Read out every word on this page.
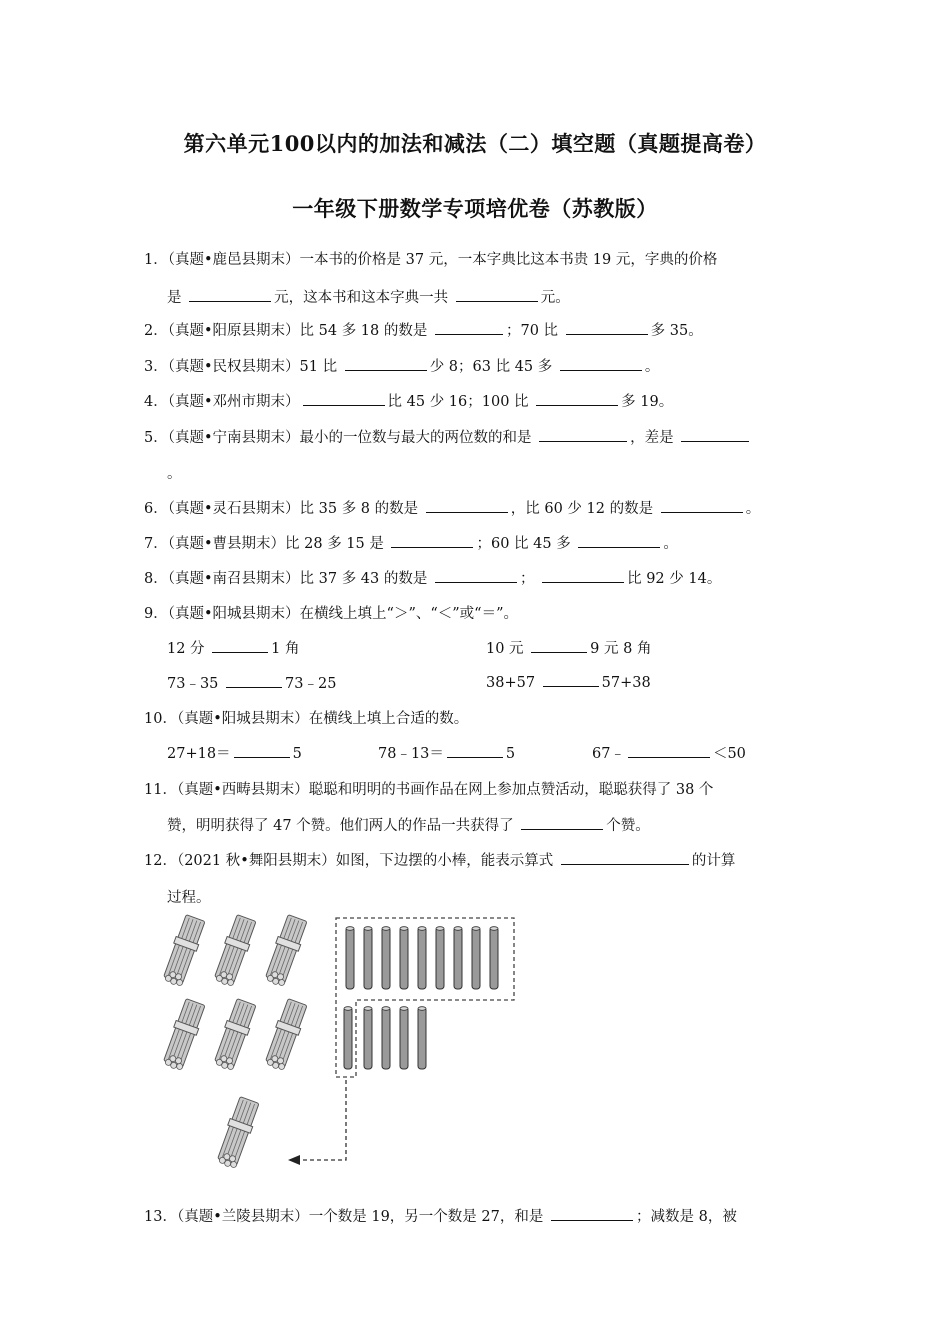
第六单元100以内的加法和减法（二）填空题（真题提高卷）
一年级下册数学专项培优卷（苏教版）
1．（真题•鹿邑县期末）一本书的价格是 37 元，一本字典比这本书贵 19 元，字典的价格
是	元，这本书和这本字典一共	元。
2．（真题•阳原县期末）比 54 多 18 的数是	；70 比	多 35。
3．（真题•民权县期末）51 比	少 8；63 比 45 多	。
4．（真题•邓州市期末）	比 45 少 16；100 比	多 19。
5．（真题•宁南县期末）最小的一位数与最大的两位数的和是	，差是
。
6．（真题•灵石县期末）比 35 多 8 的数是	，比 60 少 12 的数是	。
7．（真题•曹县期末）比 28 多 15 是	；60 比 45 多	。
8．（真题•南召县期末）比 37 多 43 的数是	；	比 92 少 14。
9．（真题•阳城县期末）在横线上填上“＞”、“＜”或“＝”。
12 分	1 角	10 元	9 元 8 角
73﹣35	73﹣25	38+57	57+38
10．（真题•阳城县期末）在横线上填上合适的数。
27+18＝	5	78﹣13＝	5	67﹣	＜50
11．（真题•西畴县期末）聪聪和明明的书画作品在网上参加点赞活动，聪聪获得了 38 个
赞，明明获得了 47 个赞。他们两人的作品一共获得了	个赞。
12．（2021 秋•舞阳县期末）如图，下边摆的小棒，能表示算式	的计算
过程。
13．（真题•兰陵县期末）一个数是 19，另一个数是 27，和是	；减数是 8，被
